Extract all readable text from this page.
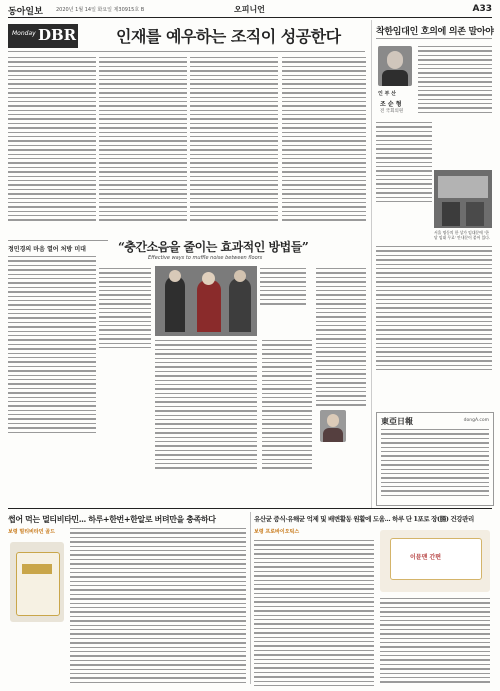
동아일보	2020년 1월 14일 화요일 제30915호 B	오피니언	A33
Monday DBR 인재를 예우하는 조직이 성공한다	착한임대인 호의에 의존 말아야
인 부 산
조 순 형
전 국회의원
서울 명동의 한 상가 임대문에 ‘한 달 임대 무료’ 안내문이 붙어 있다.
東亞日報	dongA.com
정민경의 마음 열어 처방 미대	“충간소음을 줄이는 효과적인 방법들”
Effective ways to muffle noise between floors
썹어 먹는 멀티비타민... 하루+한번+한알로 버텨만을 충족하다
보령 멀티비타민 골드
유산균 증식·유해균 억제 및 배변활동 원활에 도움... 하루 단 1포로 장(腸) 건강관리
보령 프로바이오틱스
이뮨맨 간편
